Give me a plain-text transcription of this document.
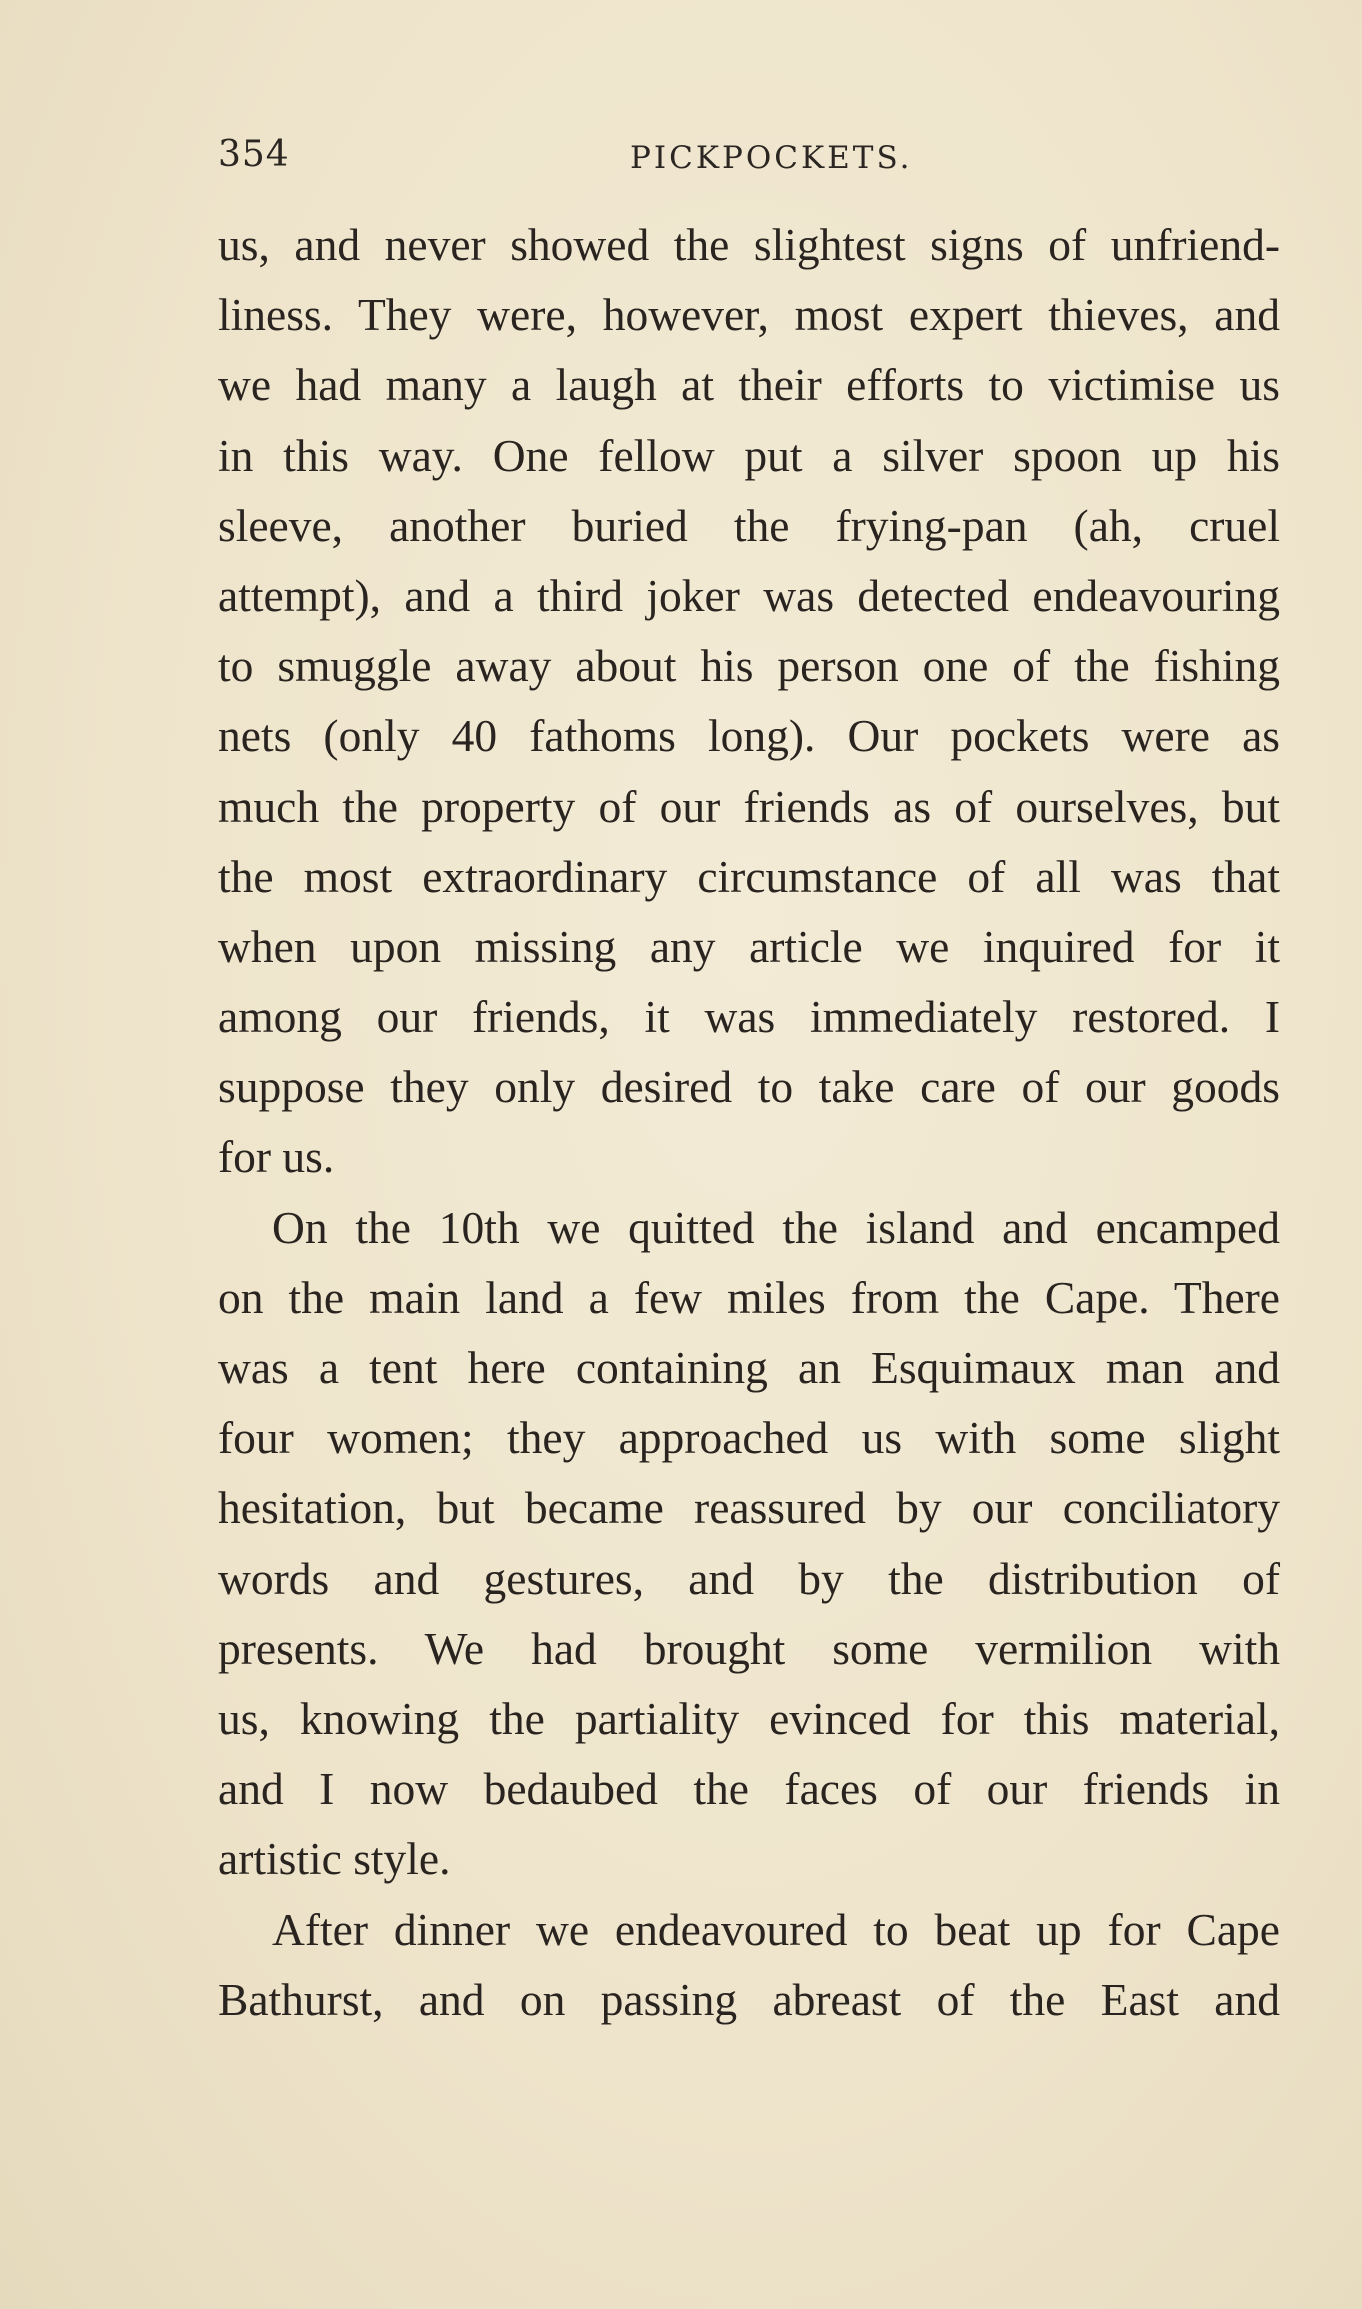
354	PICKPOCKETS.
us, and never showed the slightest signs of unfriend-
liness. They were, however, most expert thieves, and
we had many a laugh at their efforts to victimise us
in this way. One fellow put a silver spoon up his
sleeve, another buried the frying-pan (ah, cruel
attempt), and a third joker was detected endeavouring
to smuggle away about his person one of the fishing
nets (only 40 fathoms long). Our pockets were as
much the property of our friends as of ourselves, but
the most extraordinary circumstance of all was that
when upon missing any article we inquired for it
among our friends, it was immediately restored. I
suppose they only desired to take care of our goods
for us.
On the 10th we quitted the island and encamped
on the main land a few miles from the Cape. There
was a tent here containing an Esquimaux man and
four women; they approached us with some slight
hesitation, but became reassured by our conciliatory
words and gestures, and by the distribution of
presents. We had brought some vermilion with
us, knowing the partiality evinced for this material,
and I now bedaubed the faces of our friends in
artistic style.
After dinner we endeavoured to beat up for Cape
Bathurst, and on passing abreast of the East and
